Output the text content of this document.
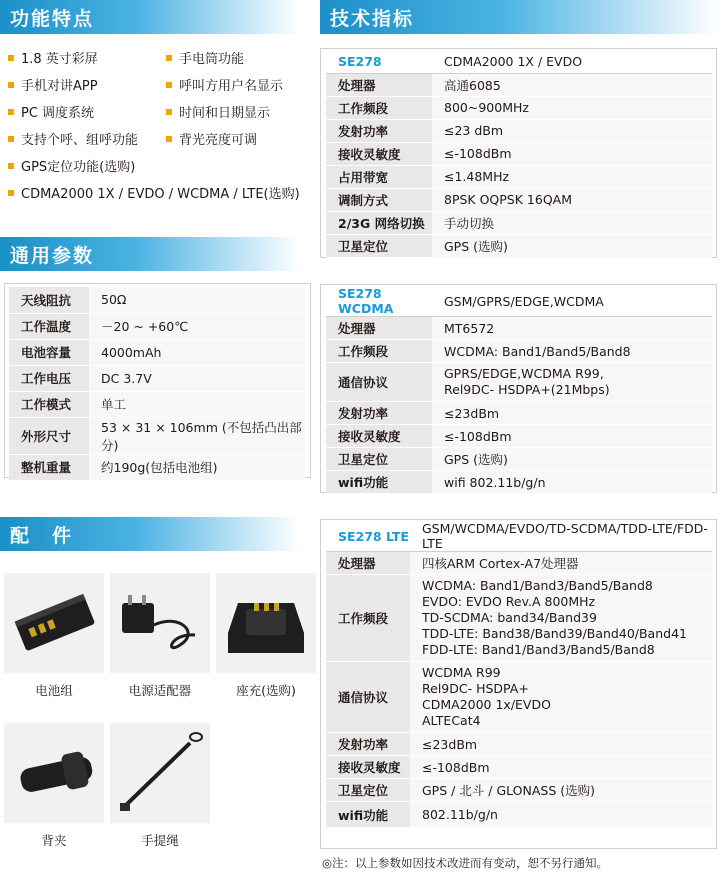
功能特点	技术指标
通用参数
配　件
1.8 英寸彩屏	手电筒功能
手机对讲APP	呼叫方用户名显示
PC 调度系统	时间和日期显示
支持个呼、组呼功能	背光亮度可调
GPS定位功能(选购)
CDMA2000 1X / EVDO / WCDMA / LTE(选购)
天线阻抗	50Ω
工作温度	－20 ~ +60℃
电池容量	4000mAh
工作电压	DC 3.7V
工作模式	单工
外形尺寸	53 × 31 × 106mm (不包括凸出部分)
整机重量	约190g(包括电池组)
SE278	CDMA2000 1X / EVDO
处理器	高通6085
工作频段	800~900MHz
发射功率	≤23 dBm
接收灵敏度	≤-108dBm
占用带宽	≤1.48MHz
调制方式	8PSK OQPSK 16QAM
2/3G 网络切换	手动切换
卫星定位	GPS (选购)
SE278 WCDMA	GSM/GPRS/EDGE,WCDMA
处理器	MT6572
工作频段	WCDMA: Band1/Band5/Band8
通信协议	GPRS/EDGE,WCDMA R99,
Rel9DC- HSDPA+(21Mbps)
发射功率	≤23dBm
接收灵敏度	≤-108dBm
卫星定位	GPS (选购)
wifi功能	wifi 802.11b/g/n
SE278 LTE	GSM/WCDMA/EVDO/TD-SCDMA/TDD-LTE/FDD-LTE
处理器	四核ARM Cortex-A7处理器
工作频段	WCDMA: Band1/Band3/Band5/Band8
EVDO: EVDO Rev.A 800MHz
TD-SCDMA: band34/Band39
TDD-LTE: Band38/Band39/Band40/Band41
FDD-LTE: Band1/Band3/Band5/Band8
通信协议	WCDMA R99
Rel9DC- HSDPA+
CDMA2000 1x/EVDO
ALTECat4
发射功率	≤23dBm
接收灵敏度	≤-108dBm
卫星定位	GPS / 北斗 / GLONASS (选购)
wifi功能	802.11b/g/n
电池组	电源适配器	座充(选购)
背夹	手提绳
◎注：以上参数如因技术改进而有变动，恕不另行通知。
